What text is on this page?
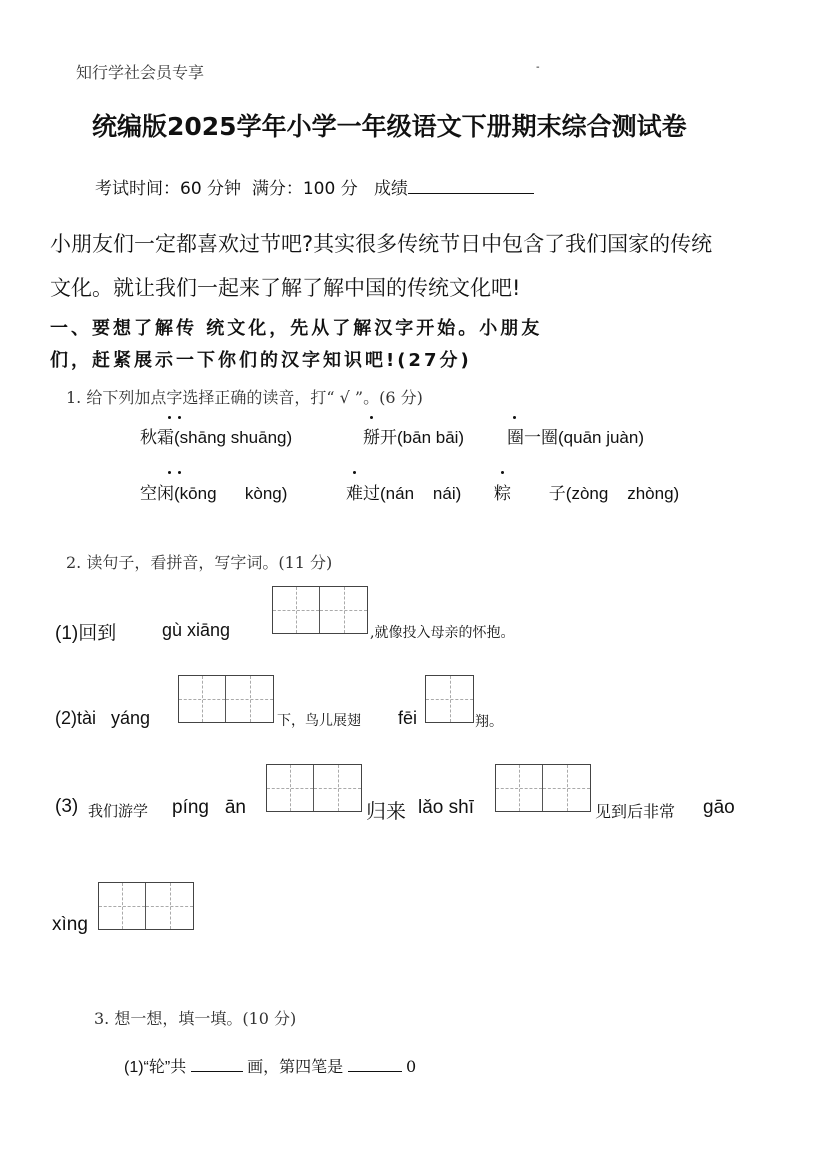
知行学社会员专享	-
统编版2025学年小学一年级语文下册期末综合测试卷
考试时间：60 分钟 满分：100 分 成绩
小朋友们一定都喜欢过节吧?其实很多传统节日中包含了我们国家的传统
文化。就让我们一起来了解了解中国的传统文化吧!
一、要想了解传 统文化，先从了解汉字开始。小朋友
们，赶紧展示一下你们的汉字知识吧!(27分)
1. 给下列加点字选择正确的读音，打“ √ ”。(6 分)
秋霜(shāng shuāng)	掰开(bān bāi)	圈一圈(quān juàn)
空闲(kōng      kòng)	难过(nán    nái) 粽        子(zòng    zhòng)
2. 读句子，看拼音，写字词。(11 分)
(1)回到	gù xiāng	,就像投入母亲的怀抱。
(2)tài   yáng	下，鸟儿展翅 fēi	翔。
(3) 我们游学 píng   ān	归来 lǎo shī	见到后非常 gāo
xìng
3. 想一想，填一填。(10 分)
(1)“轮”共	画，第四笔是	0
